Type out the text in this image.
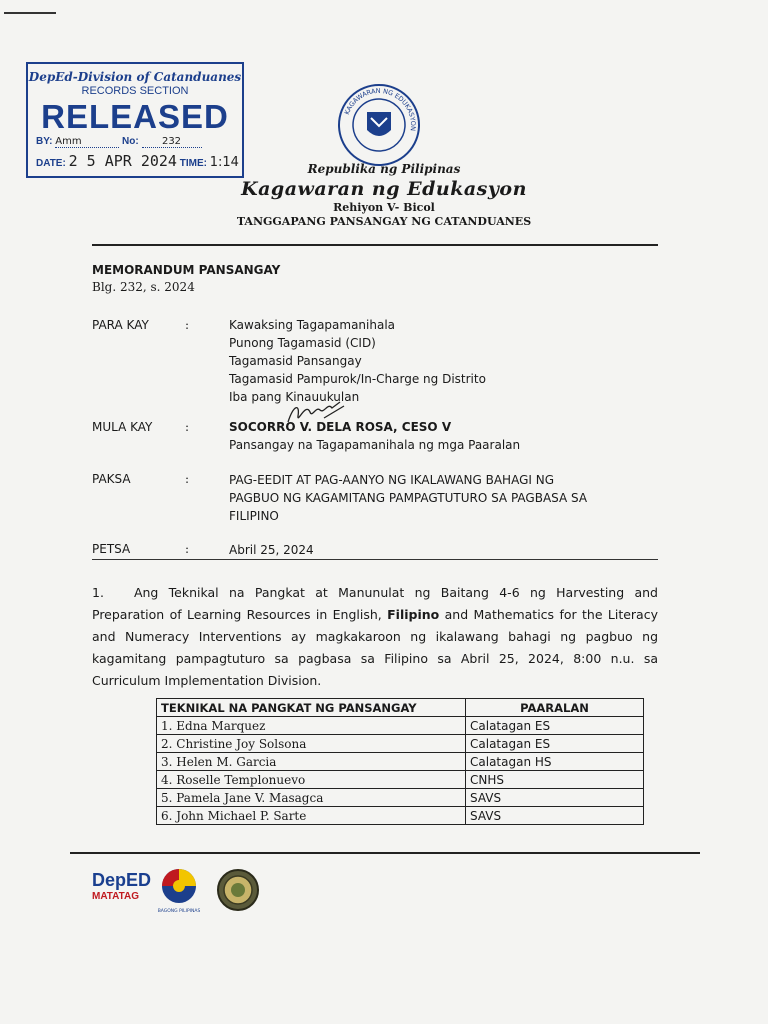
DepEd-Division of Catanduanes
RECORDS SECTION
RELEASED
BY: Amm	No: 232
DATE: 2 5 APR 2024 TIME: 1:14
KAGAWARAN NG EDUKASYON
Republika ng Pilipinas
Kagawaran ng Edukasyon
Rehiyon V- Bicol
TANGGAPANG PANSANGAY NG CATANDUANES
MEMORANDUM PANSANGAY
Blg. 232, s. 2024
PARA KAY	:	Kawaksing Tagapamanihala
Punong Tagamasid (CID)
Tagamasid Pansangay
Tagamasid Pampurok/In-Charge ng Distrito
Iba pang Kinauukulan
MULA KAY	:	SOCORRO V. DELA ROSA, CESO V
Pansangay na Tagapamanihala ng mga Paaralan
PAKSA	:	PAG-EEDIT AT PAG-AANYO NG IKALAWANG BAHAGI NG
PAGBUO NG KAGAMITANG PAMPAGTUTURO SA PAGBASA SA
FILIPINO
PETSA	:	Abril 25, 2024
1. Ang Teknikal na Pangkat at Manunulat ng Baitang 4-6 ng Harvesting and Preparation of Learning Resources in English, Filipino and Mathematics for the Literacy and Numeracy Interventions ay magkakaroon ng ikalawang bahagi ng pagbuo ng kagamitang pampagtuturo sa pagbasa sa Filipino sa Abril 25, 2024, 8:00 n.u. sa Curriculum Implementation Division.
TEKNIKAL NA PANGKAT NG PANSANGAY	PAARALAN
1. Edna Marquez	Calatagan ES
2. Christine Joy Solsona	Calatagan ES
3. Helen M. Garcia	Calatagan HS
4. Roselle Templonuevo	CNHS
5. Pamela Jane V. Masagca	SAVS
6. John Michael P. Sarte	SAVS
DepED
MATATAG
BAGONG PILIPINAS
